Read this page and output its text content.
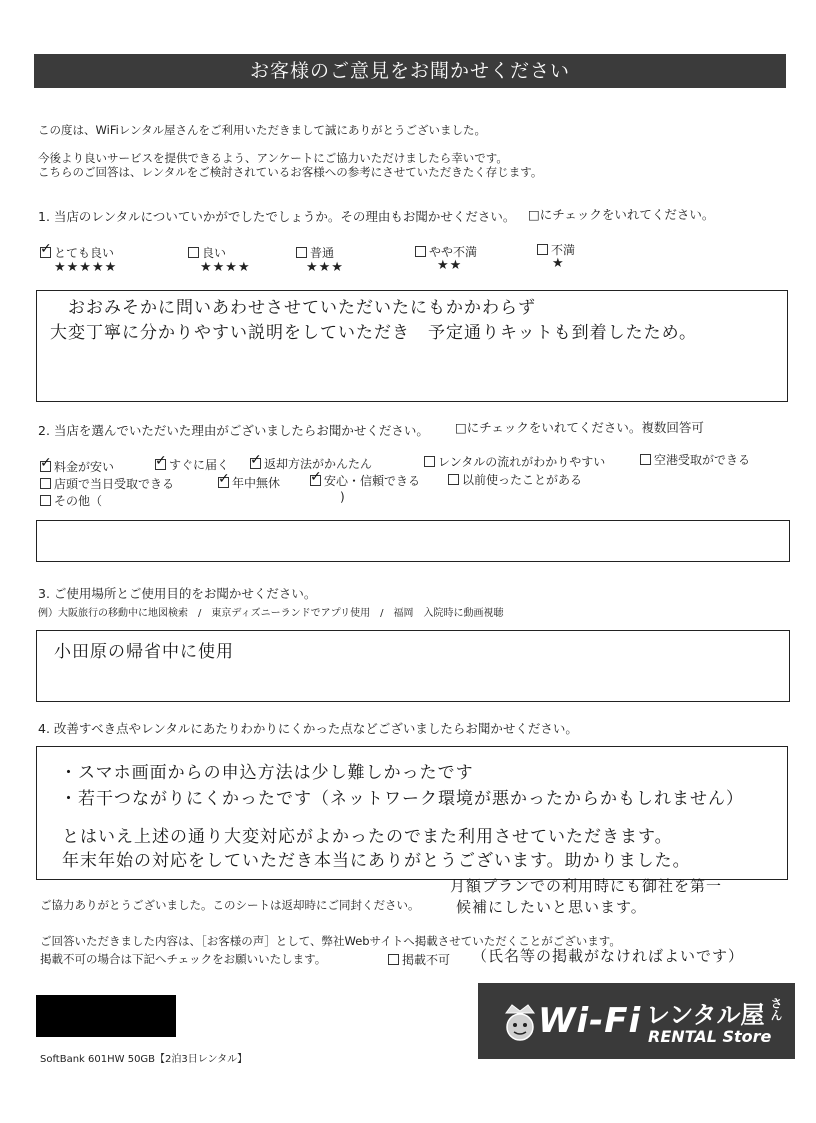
お客様のご意見をお聞かせください
この度は、WiFiレンタル屋さんをご利用いただきまして誠にありがとうございました。
今後より良いサービスを提供できるよう、アンケートにご協力いただけましたら幸いです。
こちらのご回答は、レンタルをご検討されているお客様への参考にさせていただきたく存じます。
1. 当店のレンタルについていかがでしたでしょうか。その理由もお聞かせください。 □にチェックをいれてください。
✓とても良い
★★★★★
良い
★★★★
普通
★★★
やや不満
★★
不満
★
おおみそかに問いあわせさせていただいたにもかかわらず
大変丁寧に分かりやすい説明をしていただき　予定通りキットも到着したため。
2. 当店を選んでいただいた理由がございましたらお聞かせください。 □にチェックをいれてください。複数回答可
✓料金が安い ✓	すぐに届く ✓	返却方法がかんたん	レンタルの流れがわかりやすい	空港受取ができる
店頭で当日受取できる ✓	年中無休 ✓	安心・信頼できる	以前使ったことがある
その他（	)
3. ご使用場所とご使用目的をお聞かせください。
例）大阪旅行の移動中に地図検索　/　東京ディズニーランドでアプリ使用　/　福岡　入院時に動画視聴
小田原の帰省中に使用
4. 改善すべき点やレンタルにあたりわかりにくかった点などございましたらお聞かせください。
・スマホ画面からの申込方法は少し難しかったです
・若干つながりにくかったです（ネットワーク環境が悪かったからかもしれません）
とはいえ上述の通り大変対応がよかったのでまた利用させていただきます。
年末年始の対応をしていただき本当にありがとうございます。助かりました。
ご協力ありがとうございました。このシートは返却時にご同封ください。
月額プランでの利用時にも御社を第一
候補にしたいと思います。
ご回答いただきました内容は、［お客様の声］として、弊社Webサイトへ掲載させていただくことがございます。
掲載不可の場合は下記へチェックをお願いいたします。	掲載不可 （氏名等の掲載がなければよいです）
SoftBank 601HW 50GB【2泊3日レンタル】
Wi-Fi レンタル屋 さん
RENTAL Store
